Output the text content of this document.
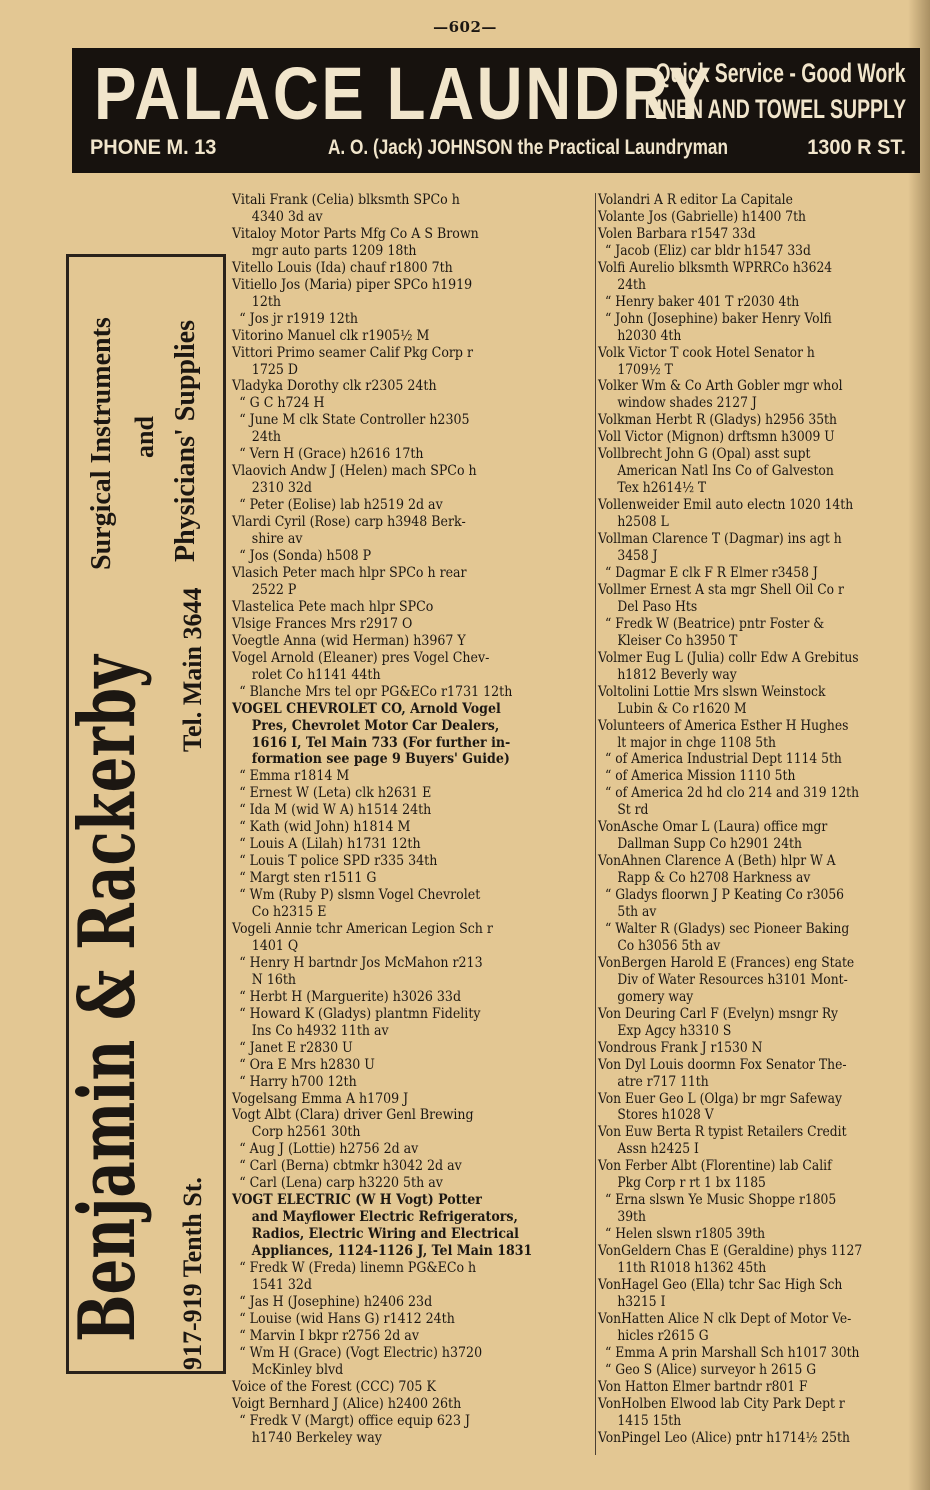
—602—
PALACE LAUNDRY
Quick Service - Good Work
LINEN AND TOWEL SUPPLY
PHONE M. 13	A. O. (Jack) JOHNSON the Practical Laundryman	1300 R ST.
Benjamin & Rackerby 917-919 Tenth St.
Tel. Main 3644
Surgical Instruments and Physicians' Supplies
Vitali Frank (Celia) blksmth SPCo h
4340 3d av
Vitaloy Motor Parts Mfg Co A S Brown
mgr auto parts 1209 18th
Vitello Louis (Ida) chauf r1800 7th
Vitiello Jos (Maria) piper SPCo h1919
12th
“ Jos jr r1919 12th
Vitorino Manuel clk r1905½ M
Vittori Primo seamer Calif Pkg Corp r
1725 D
Vladyka Dorothy clk r2305 24th
“ G C h724 H
“ June M clk State Controller h2305
24th
“ Vern H (Grace) h2616 17th
Vlaovich Andw J (Helen) mach SPCo h
2310 32d
“ Peter (Eolise) lab h2519 2d av
Vlardi Cyril (Rose) carp h3948 Berk-
shire av
“ Jos (Sonda) h508 P
Vlasich Peter mach hlpr SPCo h rear
2522 P
Vlastelica Pete mach hlpr SPCo
Vlsige Frances Mrs r2917 O
Voegtle Anna (wid Herman) h3967 Y
Vogel Arnold (Eleaner) pres Vogel Chev-
rolet Co h1141 44th
“ Blanche Mrs tel opr PG&ECo r1731 12th
VOGEL CHEVROLET CO, Arnold Vogel
Pres, Chevrolet Motor Car Dealers,
1616 I, Tel Main 733 (For further in-
formation see page 9 Buyers' Guide)
“ Emma r1814 M
“ Ernest W (Leta) clk h2631 E
“ Ida M (wid W A) h1514 24th
“ Kath (wid John) h1814 M
“ Louis A (Lilah) h1731 12th
“ Louis T police SPD r335 34th
“ Margt sten r1511 G
“ Wm (Ruby P) slsmn Vogel Chevrolet
Co h2315 E
Vogeli Annie tchr American Legion Sch r
1401 Q
“ Henry H bartndr Jos McMahon r213
N 16th
“ Herbt H (Marguerite) h3026 33d
“ Howard K (Gladys) plantmn Fidelity
Ins Co h4932 11th av
“ Janet E r2830 U
“ Ora E Mrs h2830 U
“ Harry h700 12th
Vogelsang Emma A h1709 J
Vogt Albt (Clara) driver Genl Brewing
Corp h2561 30th
“ Aug J (Lottie) h2756 2d av
“ Carl (Berna) cbtmkr h3042 2d av
“ Carl (Lena) carp h3220 5th av
VOGT ELECTRIC (W H Vogt) Potter
and Mayflower Electric Refrigerators,
Radios, Electric Wiring and Electrical
Appliances, 1124-1126 J, Tel Main 1831
“ Fredk W (Freda) linemn PG&ECo h
1541 32d
“ Jas H (Josephine) h2406 23d
“ Louise (wid Hans G) r1412 24th
“ Marvin I bkpr r2756 2d av
“ Wm H (Grace) (Vogt Electric) h3720
McKinley blvd
Voice of the Forest (CCC) 705 K
Voigt Bernhard J (Alice) h2400 26th
“ Fredk V (Margt) office equip 623 J
h1740 Berkeley way
Volandri A R editor La Capitale
Volante Jos (Gabrielle) h1400 7th
Volen Barbara r1547 33d
“ Jacob (Eliz) car bldr h1547 33d
Volfi Aurelio blksmth WPRRCo h3624
24th
“ Henry baker 401 T r2030 4th
“ John (Josephine) baker Henry Volfi
h2030 4th
Volk Victor T cook Hotel Senator h
1709½ T
Volker Wm & Co Arth Gobler mgr whol
window shades 2127 J
Volkman Herbt R (Gladys) h2956 35th
Voll Victor (Mignon) drftsmn h3009 U
Vollbrecht John G (Opal) asst supt
American Natl Ins Co of Galveston
Tex h2614½ T
Vollenweider Emil auto electn 1020 14th
h2508 L
Vollman Clarence T (Dagmar) ins agt h
3458 J
“ Dagmar E clk F R Elmer r3458 J
Vollmer Ernest A sta mgr Shell Oil Co r
Del Paso Hts
“ Fredk W (Beatrice) pntr Foster &
Kleiser Co h3950 T
Volmer Eug L (Julia) collr Edw A Grebitus
h1812 Beverly way
Voltolini Lottie Mrs slswn Weinstock
Lubin & Co r1620 M
Volunteers of America Esther H Hughes
lt major in chge 1108 5th
“ of America Industrial Dept 1114 5th
“ of America Mission 1110 5th
“ of America 2d hd clo 214 and 319 12th
St rd
VonAsche Omar L (Laura) office mgr
Dallman Supp Co h2901 24th
VonAhnen Clarence A (Beth) hlpr W A
Rapp & Co h2708 Harkness av
“ Gladys floorwn J P Keating Co r3056
5th av
“ Walter R (Gladys) sec Pioneer Baking
Co h3056 5th av
VonBergen Harold E (Frances) eng State
Div of Water Resources h3101 Mont-
gomery way
Von Deuring Carl F (Evelyn) msngr Ry
Exp Agcy h3310 S
Vondrous Frank J r1530 N
Von Dyl Louis doormn Fox Senator The-
atre r717 11th
Von Euer Geo L (Olga) br mgr Safeway
Stores h1028 V
Von Euw Berta R typist Retailers Credit
Assn h2425 I
Von Ferber Albt (Florentine) lab Calif
Pkg Corp r rt 1 bx 1185
“ Erna slswn Ye Music Shoppe r1805
39th
“ Helen slswn r1805 39th
VonGeldern Chas E (Geraldine) phys 1127
11th R1018 h1362 45th
VonHagel Geo (Ella) tchr Sac High Sch
h3215 I
VonHatten Alice N clk Dept of Motor Ve-
hicles r2615 G
“ Emma A prin Marshall Sch h1017 30th
“ Geo S (Alice) surveyor h 2615 G
Von Hatton Elmer bartndr r801 F
VonHolben Elwood lab City Park Dept r
1415 15th
VonPingel Leo (Alice) pntr h1714½ 25th
